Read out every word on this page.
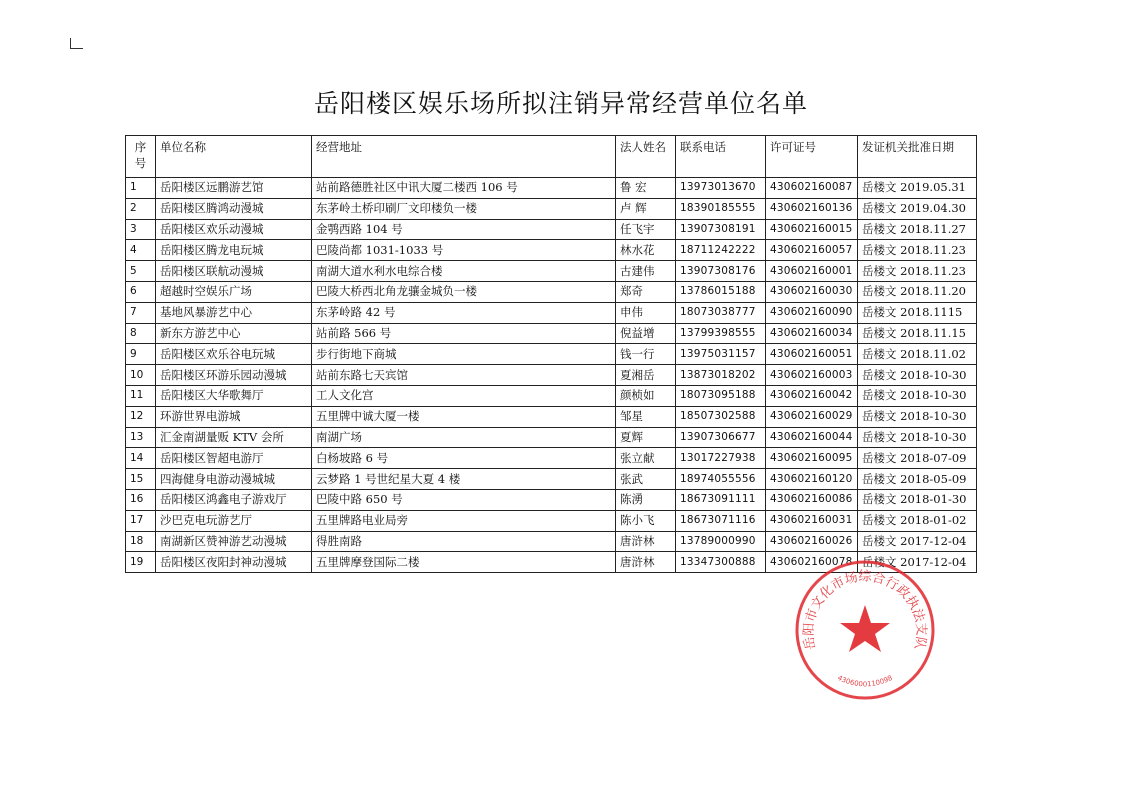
岳阳楼区娱乐场所拟注销异常经营单位名单
序号	单位名称	经营地址	法人姓名	联系电话	许可证号	发证机关批准日期
1	岳阳楼区远鹏游艺馆	站前路德胜社区中讯大厦二楼西 106 号	鲁 宏	13973013670	430602160087	岳楼文 2019.05.31
2	岳阳楼区腾鸿动漫城	东茅岭土桥印刷厂文印楼负一楼	卢 辉	18390185555	430602160136	岳楼文 2019.04.30
3	岳阳楼区欢乐动漫城	金鹗西路 104 号	任飞宇	13907308191	430602160015	岳楼文 2018.11.27
4	岳阳楼区腾龙电玩城	巴陵尚都 1031-1033 号	林水花	18711242222	430602160057	岳楼文 2018.11.23
5	岳阳楼区联航动漫城	南湖大道水利水电综合楼	古建伟	13907308176	430602160001	岳楼文 2018.11.23
6	超越时空娱乐广场	巴陵大桥西北角龙骧金城负一楼	郑奇	13786015188	430602160030	岳楼文 2018.11.20
7	基地风暴游艺中心	东茅岭路 42 号	申伟	18073038777	430602160090	岳楼文 2018.1115
8	新东方游艺中心	站前路 566 号	倪益增	13799398555	430602160034	岳楼文 2018.11.15
9	岳阳楼区欢乐谷电玩城	步行街地下商城	钱一行	13975031157	430602160051	岳楼文 2018.11.02
10	岳阳楼区环游乐园动漫城	站前东路七天宾馆	夏湘岳	13873018202	430602160003	岳楼文 2018-10-30
11	岳阳楼区大华歌舞厅	工人文化宫	颜桢如	18073095188	430602160042	岳楼文 2018-10-30
12	环游世界电游城	五里牌中诚大厦一楼	邹星	18507302588	430602160029	岳楼文 2018-10-30
13	汇金南湖量贩 KTV 会所	南湖广场	夏辉	13907306677	430602160044	岳楼文 2018-10-30
14	岳阳楼区智超电游厅	白杨坡路 6 号	张立献	13017227938	430602160095	岳楼文 2018-07-09
15	四海健身电游动漫城城	云梦路 1 号世纪星大夏 4 楼	张武	18974055556	430602160120	岳楼文 2018-05-09
16	岳阳楼区鸿鑫电子游戏厅	巴陵中路 650 号	陈湧	18673091111	430602160086	岳楼文 2018-01-30
17	沙巴克电玩游艺厅	五里牌路电业局旁	陈小飞	18673071116	430602160031	岳楼文 2018-01-02
18	南湖新区赞神游艺动漫城	得胜南路	唐浒林	13789000990	430602160026	岳楼文 2017-12-04
19	岳阳楼区夜阳封神动漫城	五里牌摩登国际二楼	唐浒林	13347300888	430602160078	岳楼文 2017-12-04
岳阳市文化市场综合行政执法支队
4306000110098
